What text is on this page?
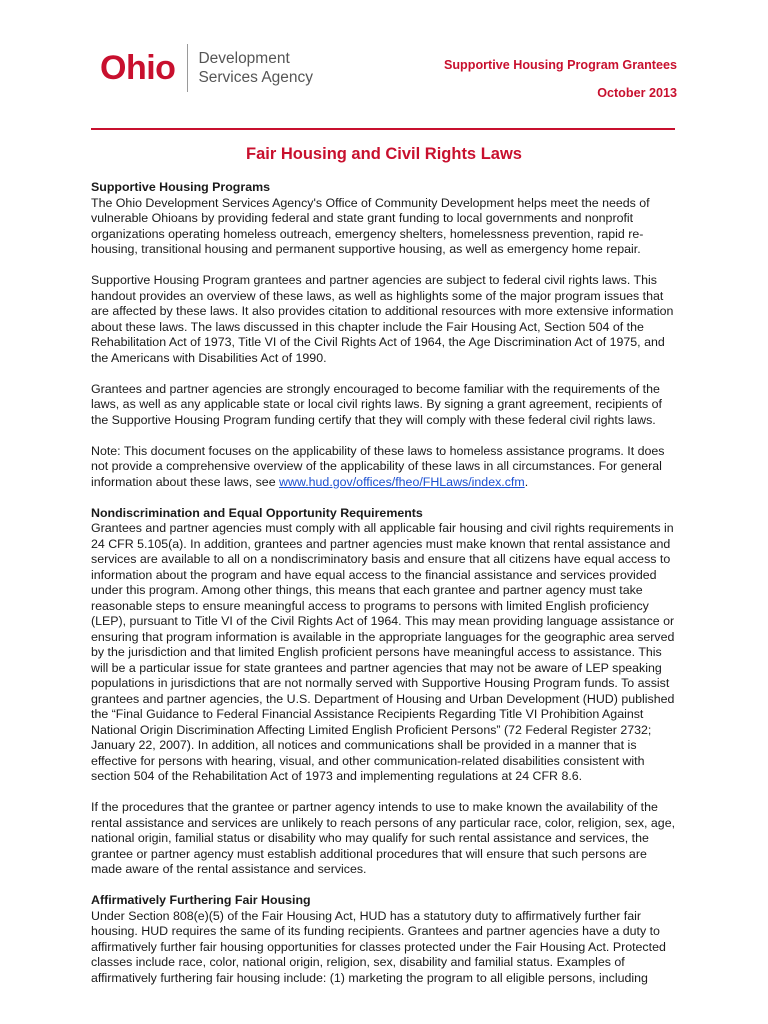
Ohio Development
Services Agency
Supportive Housing Program Grantees
October 2013
Fair Housing and Civil Rights Laws
Supportive Housing Programs

The Ohio Development Services Agency's Office of Community Development helps meet the needs of vulnerable Ohioans by providing federal and state grant funding to local governments and nonprofit organizations operating homeless outreach, emergency shelters, homelessness prevention, rapid re-housing, transitional housing and permanent supportive housing, as well as emergency home repair.

Supportive Housing Program grantees and partner agencies are subject to federal civil rights laws. This handout provides an overview of these laws, as well as highlights some of the major program issues that are affected by these laws. It also provides citation to additional resources with more extensive information about these laws. The laws discussed in this chapter include the Fair Housing Act, Section 504 of the Rehabilitation Act of 1973, Title VI of the Civil Rights Act of 1964, the Age Discrimination Act of 1975, and the Americans with Disabilities Act of 1990.

Grantees and partner agencies are strongly encouraged to become familiar with the requirements of the laws, as well as any applicable state or local civil rights laws. By signing a grant agreement, recipients of the Supportive Housing Program funding certify that they will comply with these federal civil rights laws.

Note: This document focuses on the applicability of these laws to homeless assistance programs. It does not provide a comprehensive overview of the applicability of these laws in all circumstances. For general information about these laws, see www.hud.gov/offices/fheo/FHLaws/index.cfm.

Nondiscrimination and Equal Opportunity Requirements

Grantees and partner agencies must comply with all applicable fair housing and civil rights requirements in 24 CFR 5.105(a). In addition, grantees and partner agencies must make known that rental assistance and services are available to all on a nondiscriminatory basis and ensure that all citizens have equal access to information about the program and have equal access to the financial assistance and services provided under this program. Among other things, this means that each grantee and partner agency must take reasonable steps to ensure meaningful access to programs to persons with limited English proficiency (LEP), pursuant to Title VI of the Civil Rights Act of 1964. This may mean providing language assistance or ensuring that program information is available in the appropriate languages for the geographic area served by the jurisdiction and that limited English proficient persons have meaningful access to assistance. This will be a particular issue for state grantees and partner agencies that may not be aware of LEP speaking populations in jurisdictions that are not normally served with Supportive Housing Program funds. To assist grantees and partner agencies, the U.S. Department of Housing and Urban Development (HUD) published the “Final Guidance to Federal Financial Assistance Recipients Regarding Title VI Prohibition Against National Origin Discrimination Affecting Limited English Proficient Persons” (72 Federal Register 2732; January 22, 2007). In addition, all notices and communications shall be provided in a manner that is effective for persons with hearing, visual, and other communication-related disabilities consistent with section 504 of the Rehabilitation Act of 1973 and implementing regulations at 24 CFR 8.6.

If the procedures that the grantee or partner agency intends to use to make known the availability of the rental assistance and services are unlikely to reach persons of any particular race, color, religion, sex, age, national origin, familial status or disability who may qualify for such rental assistance and services, the grantee or partner agency must establish additional procedures that will ensure that such persons are made aware of the rental assistance and services.

Affirmatively Furthering Fair Housing

Under Section 808(e)(5) of the Fair Housing Act, HUD has a statutory duty to affirmatively further fair housing. HUD requires the same of its funding recipients. Grantees and partner agencies have a duty to affirmatively further fair housing opportunities for classes protected under the Fair Housing Act. Protected classes include race, color, national origin, religion, sex, disability and familial status. Examples of affirmatively furthering fair housing include: (1) marketing the program to all eligible persons, including
